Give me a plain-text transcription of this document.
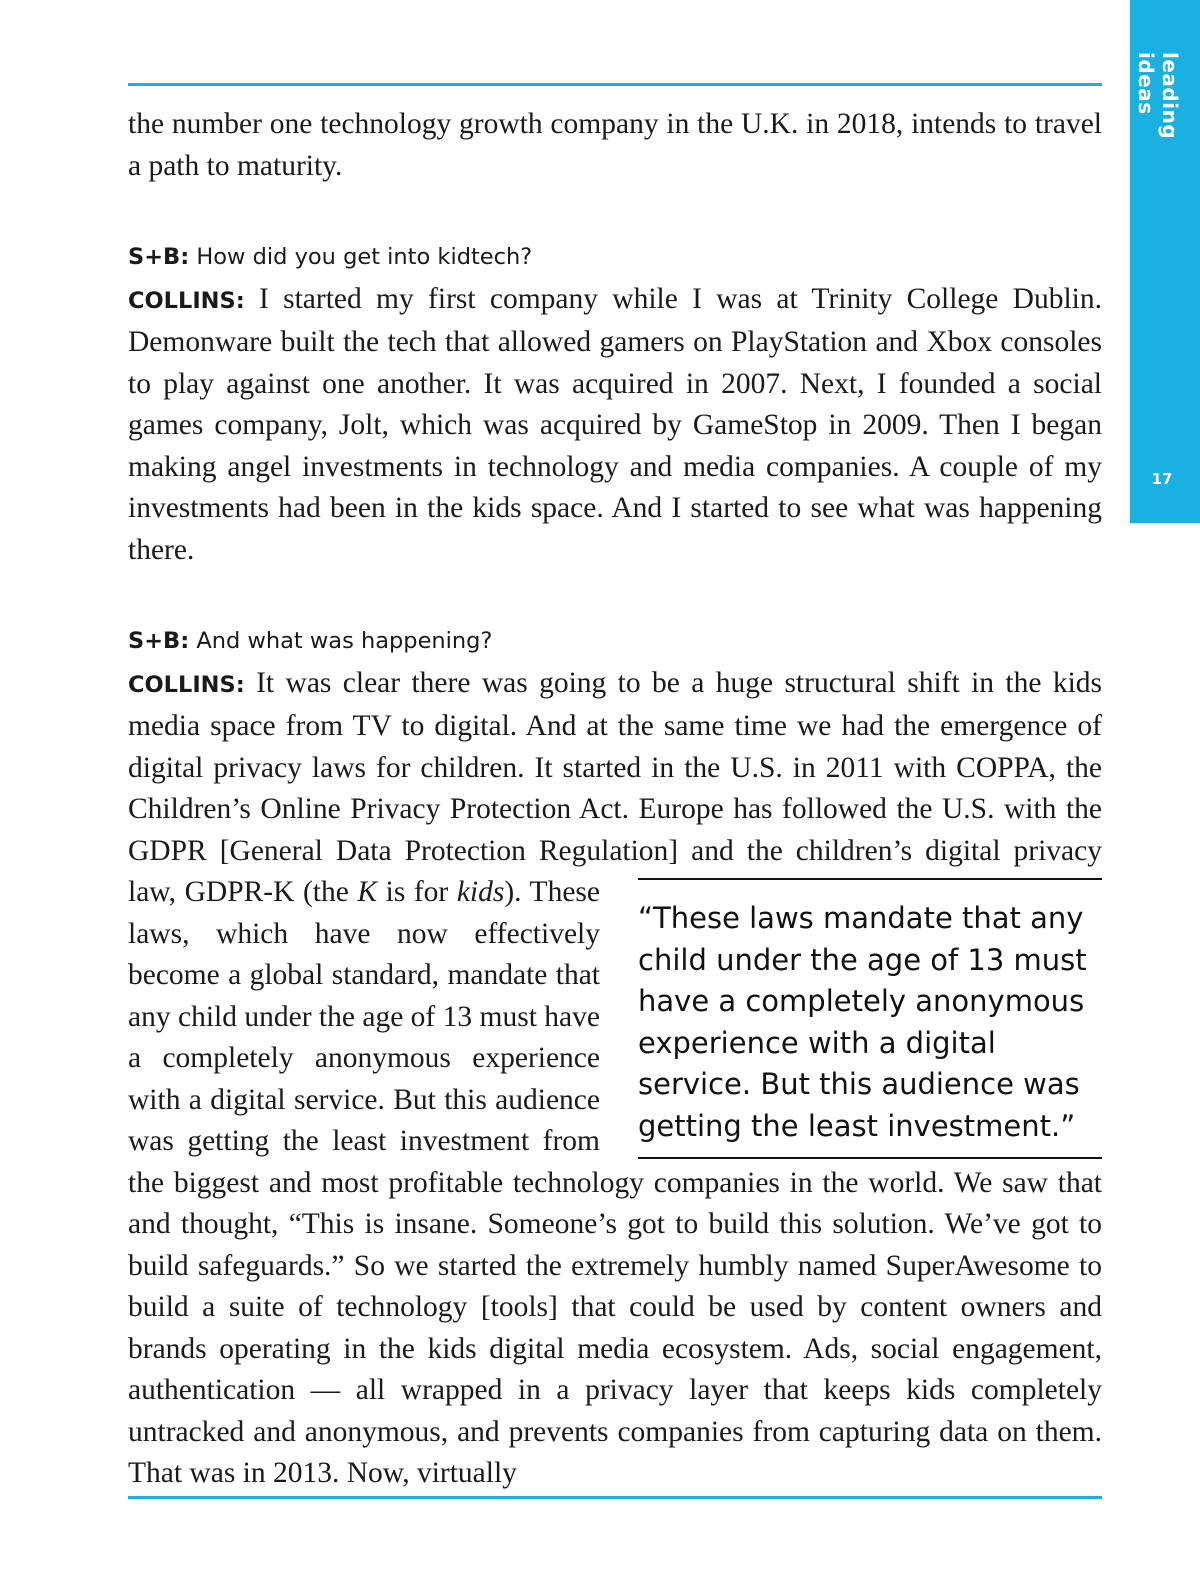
leading ideas
17

the number one technology growth company in the U.K. in 2018, intends to travel a path to maturity.

S+B: How did you get into kidtech?

COLLINS: I started my first company while I was at Trinity College Dublin. Demonware built the tech that allowed gamers on PlayStation and Xbox consoles to play against one another. It was acquired in 2007. Next, I founded a social games company, Jolt, which was acquired by GameStop in 2009. Then I began making angel investments in technology and media companies. A couple of my investments had been in the kids space. And I started to see what was happening there.

S+B: And what was happening?

COLLINS: It was clear there was going to be a huge structural shift in the kids media space from TV to digital. And at the same time we had the emergence of digital privacy laws for children. It started in the U.S. in 2011 with COPPA, the Children’s Online Privacy Protection Act. Europe has followed the U.S. with the GDPR [General Data Protection Regulation] and the children’s digital privacy law, GDPR-K (the
“These laws mandate that any child under the age of 13 must have a completely anonymous experience with a digital service. But this audience was getting the least investment.”
K is for kids). These laws, which have now effectively become a global standard, mandate that any child under the age of 13 must have a completely anonymous experience with a digital service. But this audience was getting the least investment from the biggest and most profitable technology companies in the world. We saw that and thought, “This is insane. Someone’s got to build this solution. We’ve got to build safeguards.” So we started the extremely humbly named SuperAwesome to build a suite of technology [tools] that could be used by content owners and brands operating in the kids digital media ecosystem. Ads, social engagement, authentication — all wrapped in a privacy layer that keeps kids completely untracked and anonymous, and prevents companies from capturing data on them. That was in 2013. Now, virtually
